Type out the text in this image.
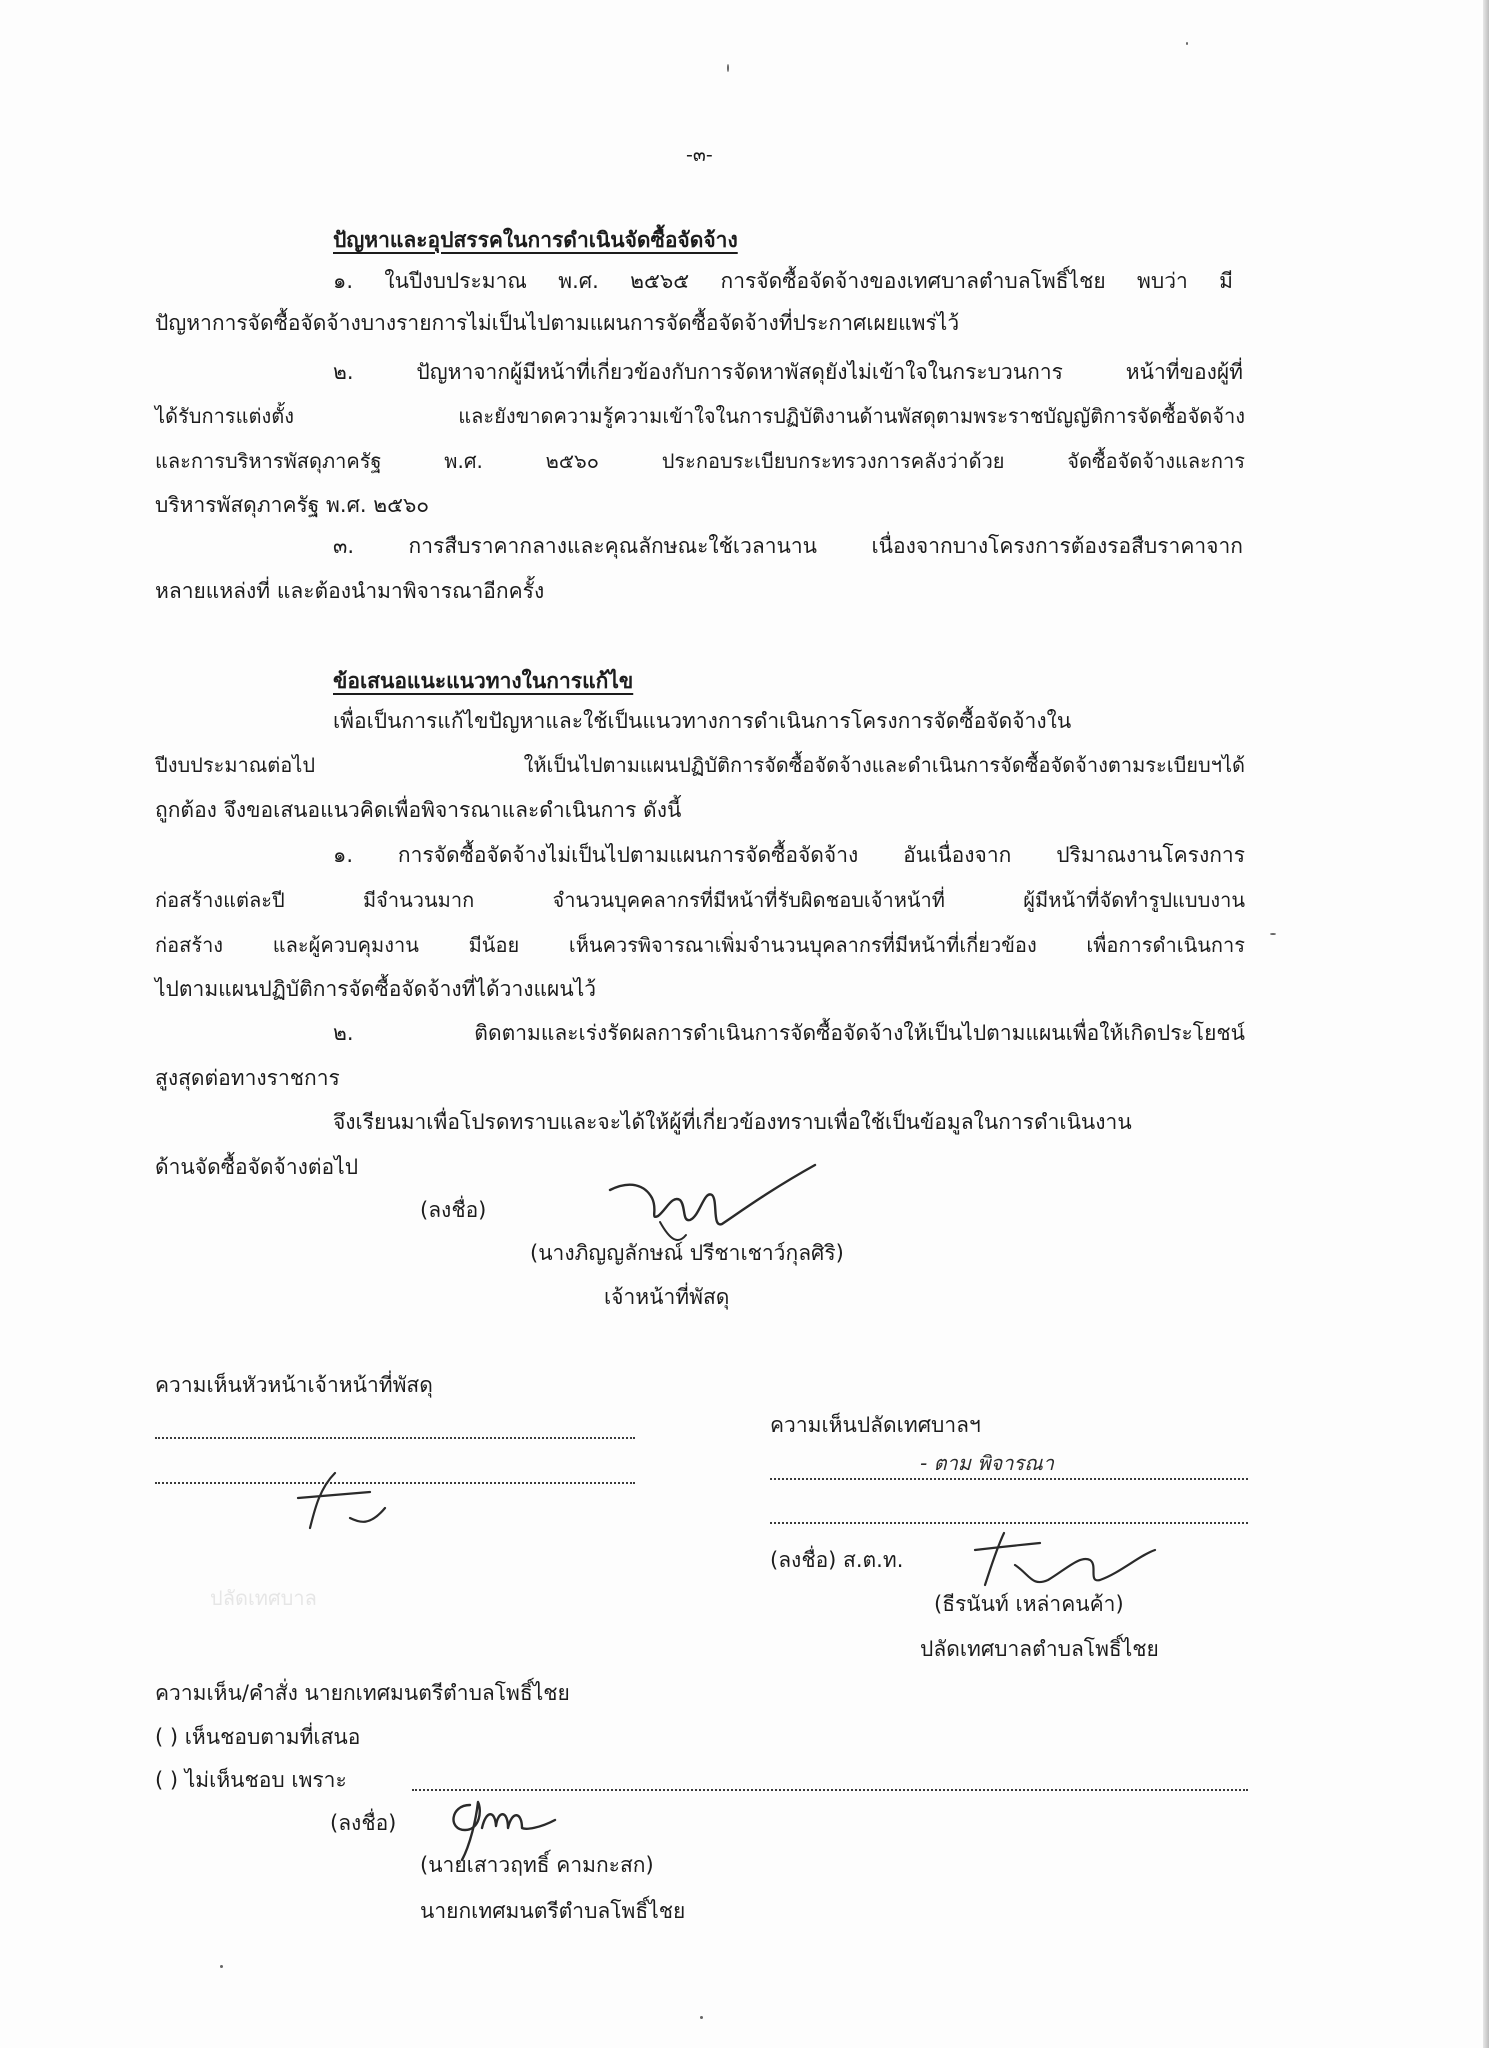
-๓-
ปัญหาและอุปสรรคในการดำเนินจัดซื้อจัดจ้าง
๑. ในปีงบประมาณ พ.ศ. ๒๕๖๕ การจัดซื้อจัดจ้างของเทศบาลตำบลโพธิ์ไชย พบว่า มี
ปัญหาการจัดซื้อจัดจ้างบางรายการไม่เป็นไปตามแผนการจัดซื้อจัดจ้างที่ประกาศเผยแพร่ไว้
๒. ปัญหาจากผู้มีหน้าที่เกี่ยวข้องกับการจัดหาพัสดุยังไม่เข้าใจในกระบวนการ หน้าที่ของผู้ที่
ได้รับการแต่งตั้ง และยังขาดความรู้ความเข้าใจในการปฏิบัติงานด้านพัสดุตามพระราชบัญญัติการจัดซื้อจัดจ้าง
และการบริหารพัสดุภาครัฐ พ.ศ. ๒๕๖๐ ประกอบระเบียบกระทรวงการคลังว่าด้วย จัดซื้อจัดจ้างและการ
บริหารพัสดุภาครัฐ พ.ศ. ๒๕๖๐
๓. การสืบราคากลางและคุณลักษณะใช้เวลานาน เนื่องจากบางโครงการต้องรอสืบราคาจาก
หลายแหล่งที่ และต้องนำมาพิจารณาอีกครั้ง
ข้อเสนอแนะแนวทางในการแก้ไข
เพื่อเป็นการแก้ไขปัญหาและใช้เป็นแนวทางการดำเนินการโครงการจัดซื้อจัดจ้างใน
ปีงบประมาณต่อไป ให้เป็นไปตามแผนปฏิบัติการจัดซื้อจัดจ้างและดำเนินการจัดซื้อจัดจ้างตามระเบียบฯได้
ถูกต้อง จึงขอเสนอแนวคิดเพื่อพิจารณาและดำเนินการ ดังนี้
๑. การจัดซื้อจัดจ้างไม่เป็นไปตามแผนการจัดซื้อจัดจ้าง อันเนื่องจาก ปริมาณงานโครงการ
ก่อสร้างแต่ละปี มีจำนวนมาก จำนวนบุคคลากรที่มีหน้าที่รับผิดชอบเจ้าหน้าที่ ผู้มีหน้าที่จัดทำรูปแบบงาน
ก่อสร้าง และผู้ควบคุมงาน มีน้อย เห็นควรพิจารณาเพิ่มจำนวนบุคลากรที่มีหน้าที่เกี่ยวข้อง เพื่อการดำเนินการ
ไปตามแผนปฏิบัติการจัดซื้อจัดจ้างที่ได้วางแผนไว้
๒. ติดตามและเร่งรัดผลการดำเนินการจัดซื้อจัดจ้างให้เป็นไปตามแผนเพื่อให้เกิดประโยชน์
สูงสุดต่อทางราชการ
จึงเรียนมาเพื่อโปรดทราบและจะได้ให้ผู้ที่เกี่ยวข้องทราบเพื่อใช้เป็นข้อมูลในการดำเนินงาน
ด้านจัดซื้อจัดจ้างต่อไป
(ลงชื่อ)
(นางภิญญลักษณ์ ปรีชาเชาว์กุลศิริ)
เจ้าหน้าที่พัสดุ
ความเห็นหัวหน้าเจ้าหน้าที่พัสดุ
ปลัดเทศบาล
ความเห็นปลัดเทศบาลฯ
- ตาม พิจารณา
(ลงชื่อ) ส.ต.ท.
(ธีรนันท์ เหล่าคนค้า)
ปลัดเทศบาลตำบลโพธิ์ไชย
ความเห็น/คำสั่ง นายกเทศมนตรีตำบลโพธิ์ไชย
( ) เห็นชอบตามที่เสนอ
( ) ไม่เห็นชอบ เพราะ
(ลงชื่อ)
(นายเสาวฤทธิ์ คามกะสก)
นายกเทศมนตรีตำบลโพธิ์ไชย
